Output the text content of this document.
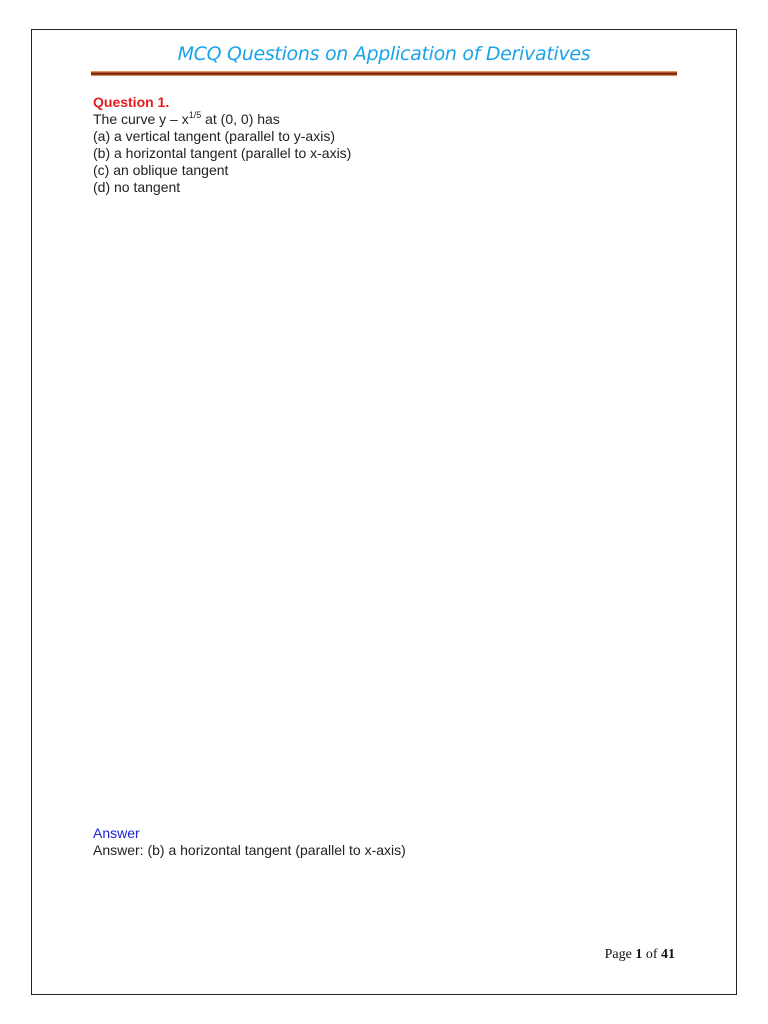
MCQ Questions on Application of Derivatives
Question 1.
The curve y – $x^{1/5}$ at (0, 0) has
(a) a vertical tangent (parallel to y-axis)
(b) a horizontal tangent (parallel to x-axis)
(c) an oblique tangent
(d) no tangent
Answer
Answer: (b) a horizontal tangent (parallel to x-axis)
Page 1 of 41
